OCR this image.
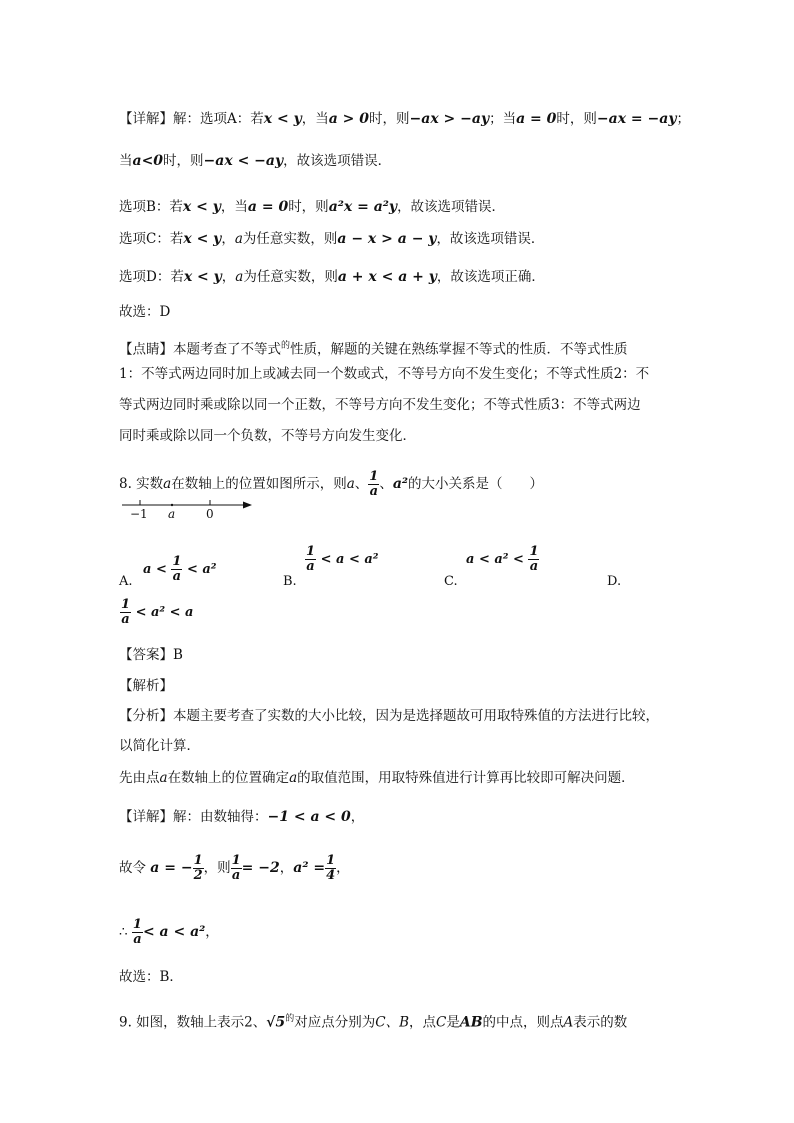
【详解】解：选项A：若x < y，当a > 0时，则−ax > −ay；当a = 0时，则−ax = −ay；
当a<0时，则−ax < −ay，故该选项错误．
选项B：若x < y，当a = 0时，则a²x = a²y，故该选项错误．
选项C：若x < y，a为任意实数，则a − x > a − y，故该选项错误．
选项D：若x < y，a为任意实数，则a + x < a + y，故该选项正确．
故选：D
【点睛】本题考查了不等式$^的$性质，解题的关键在熟练掌握不等式的性质．不等式性质
1：不等式两边同时加上或减去同一个数或式，不等号方向不发生变化；不等式性质2：不
等式两边同时乘或除以同一个正数，不等号方向不发生变化；不等式性质3：不等式两边
同时乘或除以同一个负数，不等号方向发生变化．
8. 实数a在数轴上的位置如图所示，则a、 $\frac{1}{a}$ 、a²的大小关系是（　　）
−1 a	0
A.
$a < \frac{1}{a} < a^2$
B.
$\frac{1}{a} < a < a^2$
C.
$a < a^2 < \frac{1}{a}$
D.
$\frac{1}{a} < a^2 < a$
【答案】B
【解析】
【分析】本题主要考查了实数的大小比较，因为是选择题故可用取特殊值的方法进行比较，
以简化计算．
先由点a在数轴上的位置确定a的取值范围，用取特殊值进行计算再比较即可解决问题．
【详解】解：由数轴得：−1 < a < 0，
故令 a = − $\frac{1}{2}$ ，则 $\frac{1}{a} = -2$，$a^2 = \frac{1}{4}$ ，
∴ $\frac{1}{a} < a < a^2$，
故选：B．
9. 如图，数轴上表示2、$√5^的$对应点分别为C、B，点C是AB的中点，则点A表示的数
